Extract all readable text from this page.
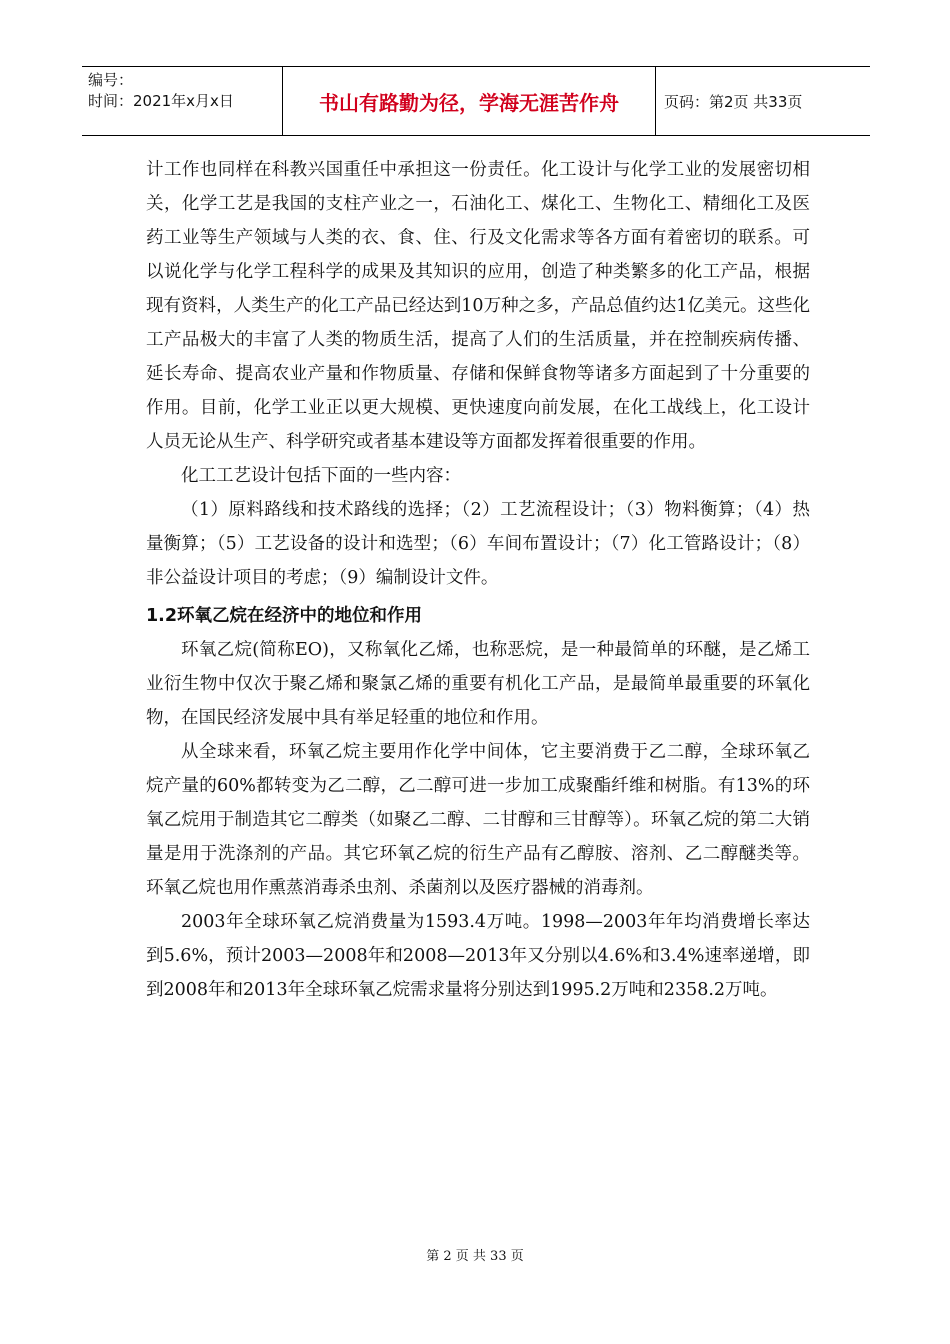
编号：
时间：2021年x月x日	书山有路勤为径，学海无涯苦作舟	页码：第2页 共33页

计工作也同样在科教兴国重任中承担这一份责任。化工设计与化学工业的发展密切相关，化学工艺是我国的支柱产业之一，石油化工、煤化工、生物化工、精细化工及医药工业等生产领域与人类的衣、食、住、行及文化需求等各方面有着密切的联系。可以说化学与化学工程科学的成果及其知识的应用，创造了种类繁多的化工产品，根据现有资料，人类生产的化工产品已经达到10万种之多，产品总值约达1亿美元。这些化工产品极大的丰富了人类的物质生活，提高了人们的生活质量，并在控制疾病传播、延长寿命、提高农业产量和作物质量、存储和保鲜食物等诸多方面起到了十分重要的作用。目前，化学工业正以更大规模、更快速度向前发展，在化工战线上，化工设计人员无论从生产、科学研究或者基本建设等方面都发挥着很重要的作用。

化工工艺设计包括下面的一些内容：

（1）原料路线和技术路线的选择；（2）工艺流程设计；（3）物料衡算；（4）热量衡算；（5）工艺设备的设计和选型；（6）车间布置设计；（7）化工管路设计；（8）非公益设计项目的考虑；（9）编制设计文件。

1.2环氧乙烷在经济中的地位和作用

环氧乙烷(简称EO)，又称氧化乙烯，也称恶烷，是一种最简单的环醚，是乙烯工业衍生物中仅次于聚乙烯和聚氯乙烯的重要有机化工产品，是最简单最重要的环氧化物，在国民经济发展中具有举足轻重的地位和作用。

从全球来看，环氧乙烷主要用作化学中间体，它主要消费于乙二醇，全球环氧乙烷产量的60%都转变为乙二醇，乙二醇可进一步加工成聚酯纤维和树脂。有13%的环氧乙烷用于制造其它二醇类（如聚乙二醇、二甘醇和三甘醇等）。环氧乙烷的第二大销量是用于洗涤剂的产品。其它环氧乙烷的衍生产品有乙醇胺、溶剂、乙二醇醚类等。环氧乙烷也用作熏蒸消毒杀虫剂、杀菌剂以及医疗器械的消毒剂。

2003年全球环氧乙烷消费量为1593.4万吨。1998—2003年年均消费增长率达到5.6%，预计2003—2008年和2008—2013年又分别以4.6%和3.4%速率递增，即到2008年和2013年全球环氧乙烷需求量将分别达到1995.2万吨和2358.2万吨。

第 2 页 共 33 页
